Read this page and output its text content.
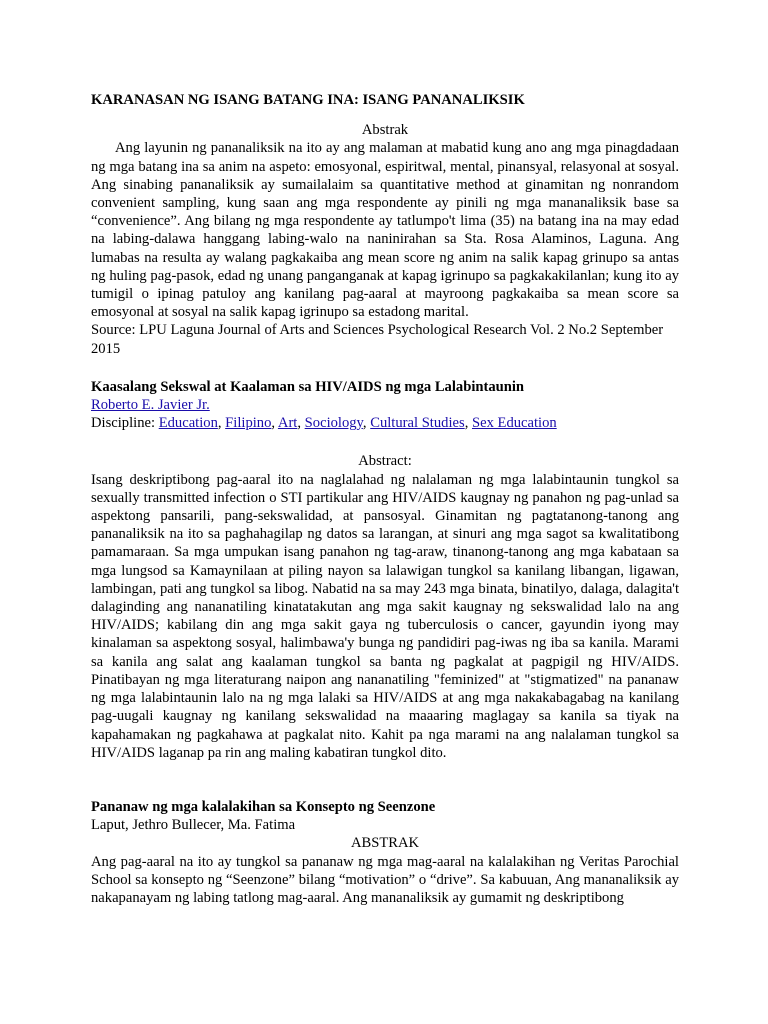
KARANASAN NG ISANG BATANG INA: ISANG PANANALIKSIK
Abstrak
Ang layunin ng pananaliksik na ito ay ang malaman at mabatid kung ano ang mga pinagdadaan ng mga batang ina sa anim na aspeto: emosyonal, espiritwal, mental, pinansyal, relasyonal at sosyal. Ang sinabing pananaliksik ay sumailalaim sa quantitative method at ginamitan ng nonrandom convenient sampling, kung saan ang mga respondente ay pinili ng mga mananaliksik base sa “convenience”. Ang bilang ng mga respondente ay tatlumpo't lima (35) na batang ina na may edad na labing-dalawa hanggang labing-walo na naninirahan sa Sta. Rosa Alaminos, Laguna. Ang lumabas na resulta ay walang pagkakaiba ang mean score ng anim na salik kapag grinupo sa antas ng huling pag-pasok, edad ng unang panganganak at kapag igrinupo sa pagkakakilanlan; kung ito ay tumigil o ipinag patuloy ang kanilang pag-aaral at mayroong pagkakaiba sa mean score sa emosyonal at sosyal na salik kapag igrinupo sa estadong marital.
Source: LPU Laguna Journal of Arts and Sciences Psychological Research Vol. 2 No.2 September 2015
Kaasalang Sekswal at Kaalaman sa HIV/AIDS ng mga Lalabintaunin
Roberto E. Javier Jr.
Discipline: Education, Filipino, Art, Sociology, Cultural Studies, Sex Education
Abstract:
Isang deskriptibong pag-aaral ito na naglalahad ng nalalaman ng mga lalabintaunin tungkol sa sexually transmitted infection o STI partikular ang HIV/AIDS kaugnay ng panahon ng pag-unlad sa aspektong pansarili, pang-sekswalidad, at pansosyal. Ginamitan ng pagtatanong-tanong ang pananaliksik na ito sa paghahagilap ng datos sa larangan, at sinuri ang mga sagot sa kwalitatibong pamamaraan. Sa mga umpukan isang panahon ng tag-araw, tinanong-tanong ang mga kabataan sa mga lungsod sa Kamaynilaan at piling nayon sa lalawigan tungkol sa kanilang libangan, ligawan, lambingan, pati ang tungkol sa libog. Nabatid na sa may 243 mga binata, binatilyo, dalaga, dalagita't dalaginding ang nananatiling kinatatakutan ang mga sakit kaugnay ng sekswalidad lalo na ang HIV/AIDS; kabilang din ang mga sakit gaya ng tuberculosis o cancer, gayundin iyong may kinalaman sa aspektong sosyal, halimbawa'y bunga ng pandidiri pag-iwas ng iba sa kanila. Marami sa kanila ang salat ang kaalaman tungkol sa banta ng pagkalat at pagpigil ng HIV/AIDS. Pinatibayan ng mga literaturang naipon ang nananatiling "feminized" at "stigmatized" na pananaw ng mga lalabintaunin lalo na ng mga lalaki sa HIV/AIDS at ang mga nakakabagabag na kanilang pag-uugali kaugnay ng kanilang sekswalidad na maaaring maglagay sa kanila sa tiyak na kapahamakan ng pagkahawa at pagkalat nito. Kahit pa nga marami na ang nalalaman tungkol sa HIV/AIDS laganap pa rin ang maling kabatiran tungkol dito.
Pananaw ng mga kalalakihan sa Konsepto ng Seenzone
Laput, Jethro Bullecer, Ma. Fatima
ABSTRAK
Ang pag-aaral na ito ay tungkol sa pananaw ng mga mag-aaral na kalalakihan ng Veritas Parochial School sa konsepto ng “Seenzone” bilang “motivation” o “drive”. Sa kabuuan, Ang mananaliksik ay nakapanayam ng labing tatlong mag-aaral. Ang mananaliksik ay gumamit ng deskriptibong
